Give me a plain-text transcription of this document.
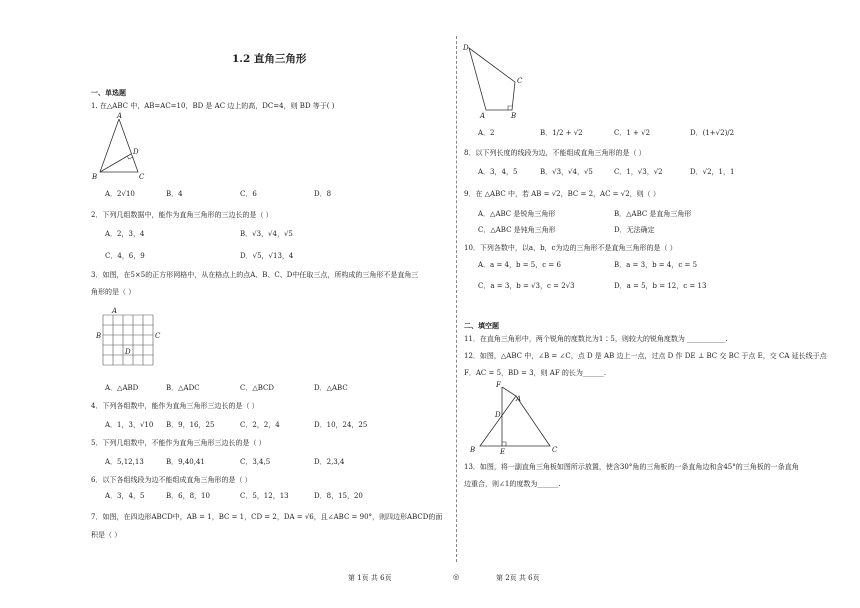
1.2 直角三角形
一、单选题
1. 在△ABC 中，AB=AC=10，BD 是 AC 边上的高，DC=4，则 BD 等于( )
A
B	C
D
A．2√10	B．4	C．6	D．8
2．下列几组数据中，能作为直角三角形的三边长的是（ ）
A．2，3，4	B．√3，√4，√5
C．4，6，9	D．√5，√13，4
3．如图，在5×5的正方形网格中，从在格点上的点A、B、C、D中任取三点，所构成的三角形不是直角三
角形的是（ ）
A
B	C
D
A．△ABD	B．△ADC	C．△BCD	D．△ABC
4．下列各组数中，能作为直角三角形三边长的是（ ）
A．1，3，√10 B．9，16，25	C．2，2，4	D．10，24，25
5．下列几组数中，不能作为直角三角形三边长的是（ ）
A．5,12,13	B．9,40,41	C．3,4,5	D．2,3,4
6．以下各组线段为边不能组成直角三角形的是（ ）
A．3，4，5	B．6，8，10	C．5，12，13	D．8，15，20
7．如图，在四边形ABCD中，AB = 1，BC = 1，CD = 2，DA = √6，且∠ABC = 90°，则四边形ABCD的面
积是（ ）
D
C
A	B
A．2	B．1/2 + √2	C．1 + √2	D．(1+√2)/2
8．以下列长度的线段为边，不能组成直角三角形的是（ ）
A．3，4，5	B．√3，√4，√5	C．1，√3，√2	D．√2，1，1
9．在 △ABC 中，若 AB = √2，BC = 2，AC = √2，则（ ）
A．△ABC 是锐角三角形	B．△ABC 是直角三角形
C．△ABC 是钝角三角形	D．无法确定
10．下列各数中，以a，b，c为边的三角形不是直角三角形的是（ ）
A．a = 4，b = 5，c = 6	B．a = 3，b = 4，c = 5
C．a = 3，b = √3，c = 2√3	D．a = 5，b = 12，c = 13
二、填空题
11．在直角三角形中，两个锐角的度数比为1∶5，则较大的锐角度数为 ___________.
12．如图，△ABC 中，∠B = ∠C，点 D 是 AB 边上一点，过点 D 作 DE ⊥ BC 交 BC 于点 E，交 CA 延长线于点
F．AC = 5，BD = 3，则 AF 的长为______.
F
A
D
B	E	C
13．如图，将一副直角三角板如图所示放置，使含30°角的三角板的一条直角边和含45°的三角板的一条直角
边重合，则∠1的度数为______.
第 1页 共 6页	◎	第 2页 共 6页
